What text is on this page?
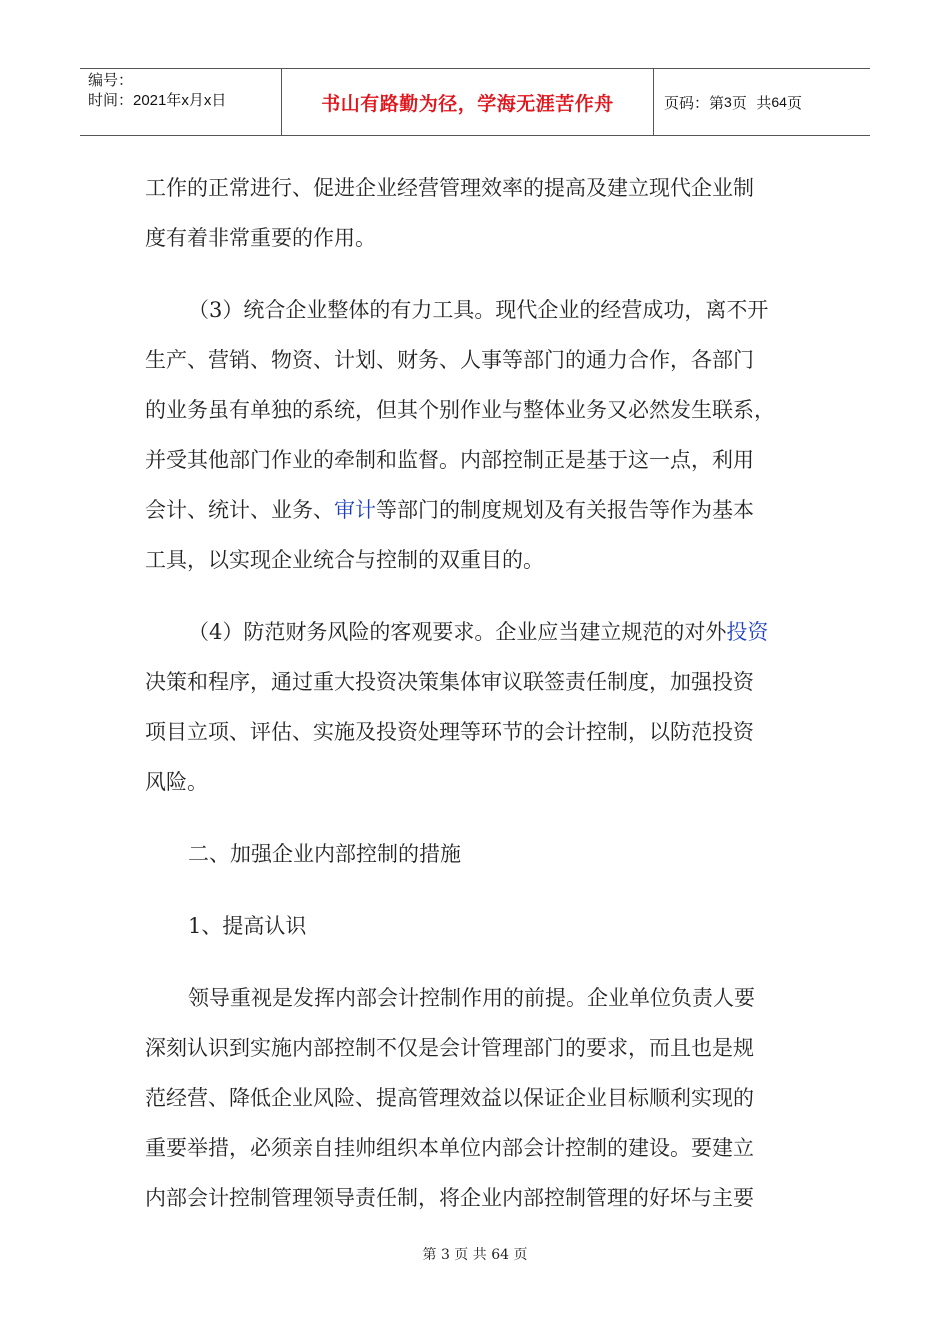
编号：
时间：2021年x月x日	书山有路勤为径，学海无涯苦作舟	页码：第 3 页  共 64 页
工作的正常进行、促进企业经营管理效率的提高及建立现代企业制
度有着非常重要的作用。
（3）统合企业整体的有力工具。现代企业的经营成功，离不开
生产、营销、物资、计划、财务、人事等部门的通力合作，各部门
的业务虽有单独的系统，但其个别作业与整体业务又必然发生联系，
并受其他部门作业的牵制和监督。内部控制正是基于这一点，利用
会计、统计、业务、审计等部门的制度规划及有关报告等作为基本
工具，以实现企业统合与控制的双重目的。
（4）防范财务风险的客观要求。企业应当建立规范的对外投资
决策和程序，通过重大投资决策集体审议联签责任制度，加强投资
项目立项、评估、实施及投资处理等环节的会计控制，以防范投资
风险。
二、加强企业内部控制的措施
1、提高认识
领导重视是发挥内部会计控制作用的前提。企业单位负责人要
深刻认识到实施内部控制不仅是会计管理部门的要求，而且也是规
范经营、降低企业风险、提高管理效益以保证企业目标顺利实现的
重要举措，必须亲自挂帅组织本单位内部会计控制的建设。要建立
内部会计控制管理领导责任制，将企业内部控制管理的好坏与主要
第 3 页 共 64 页
